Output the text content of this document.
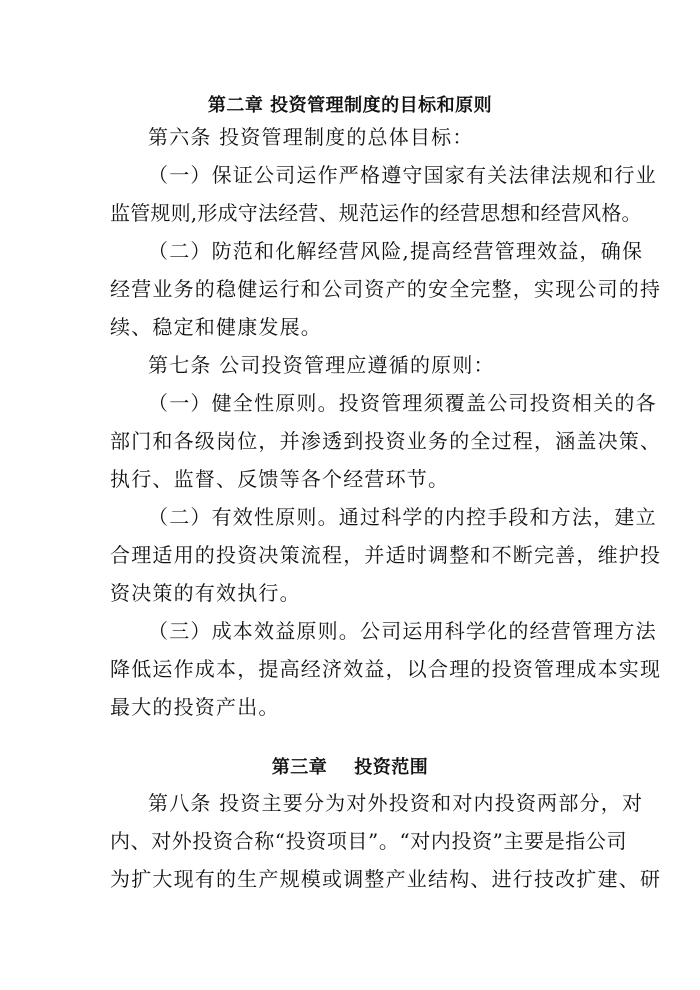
第二章 投资管理制度的目标和原则
第六条 投资管理制度的总体目标：
（一）保证公司运作严格遵守国家有关法律法规和行业
监管规则,形成守法经营、规范运作的经营思想和经营风格。
（二）防范和化解经营风险,提高经营管理效益，确保
经营业务的稳健运行和公司资产的安全完整，实现公司的持
续、稳定和健康发展。
第七条 公司投资管理应遵循的原则：
（一）健全性原则。投资管理须覆盖公司投资相关的各
部门和各级岗位，并渗透到投资业务的全过程，涵盖决策、
执行、监督、反馈等各个经营环节。
（二）有效性原则。通过科学的内控手段和方法，建立
合理适用的投资决策流程，并适时调整和不断完善，维护投
资决策的有效执行。
（三）成本效益原则。公司运用科学化的经营管理方法
降低运作成本，提高经济效益，以合理的投资管理成本实现
最大的投资产出。
第三章    投资范围
第八条 投资主要分为对外投资和对内投资两部分，对
内、对外投资合称“投资项目”。“对内投资”主要是指公司
为扩大现有的生产规模或调整产业结构、进行技改扩建、研
